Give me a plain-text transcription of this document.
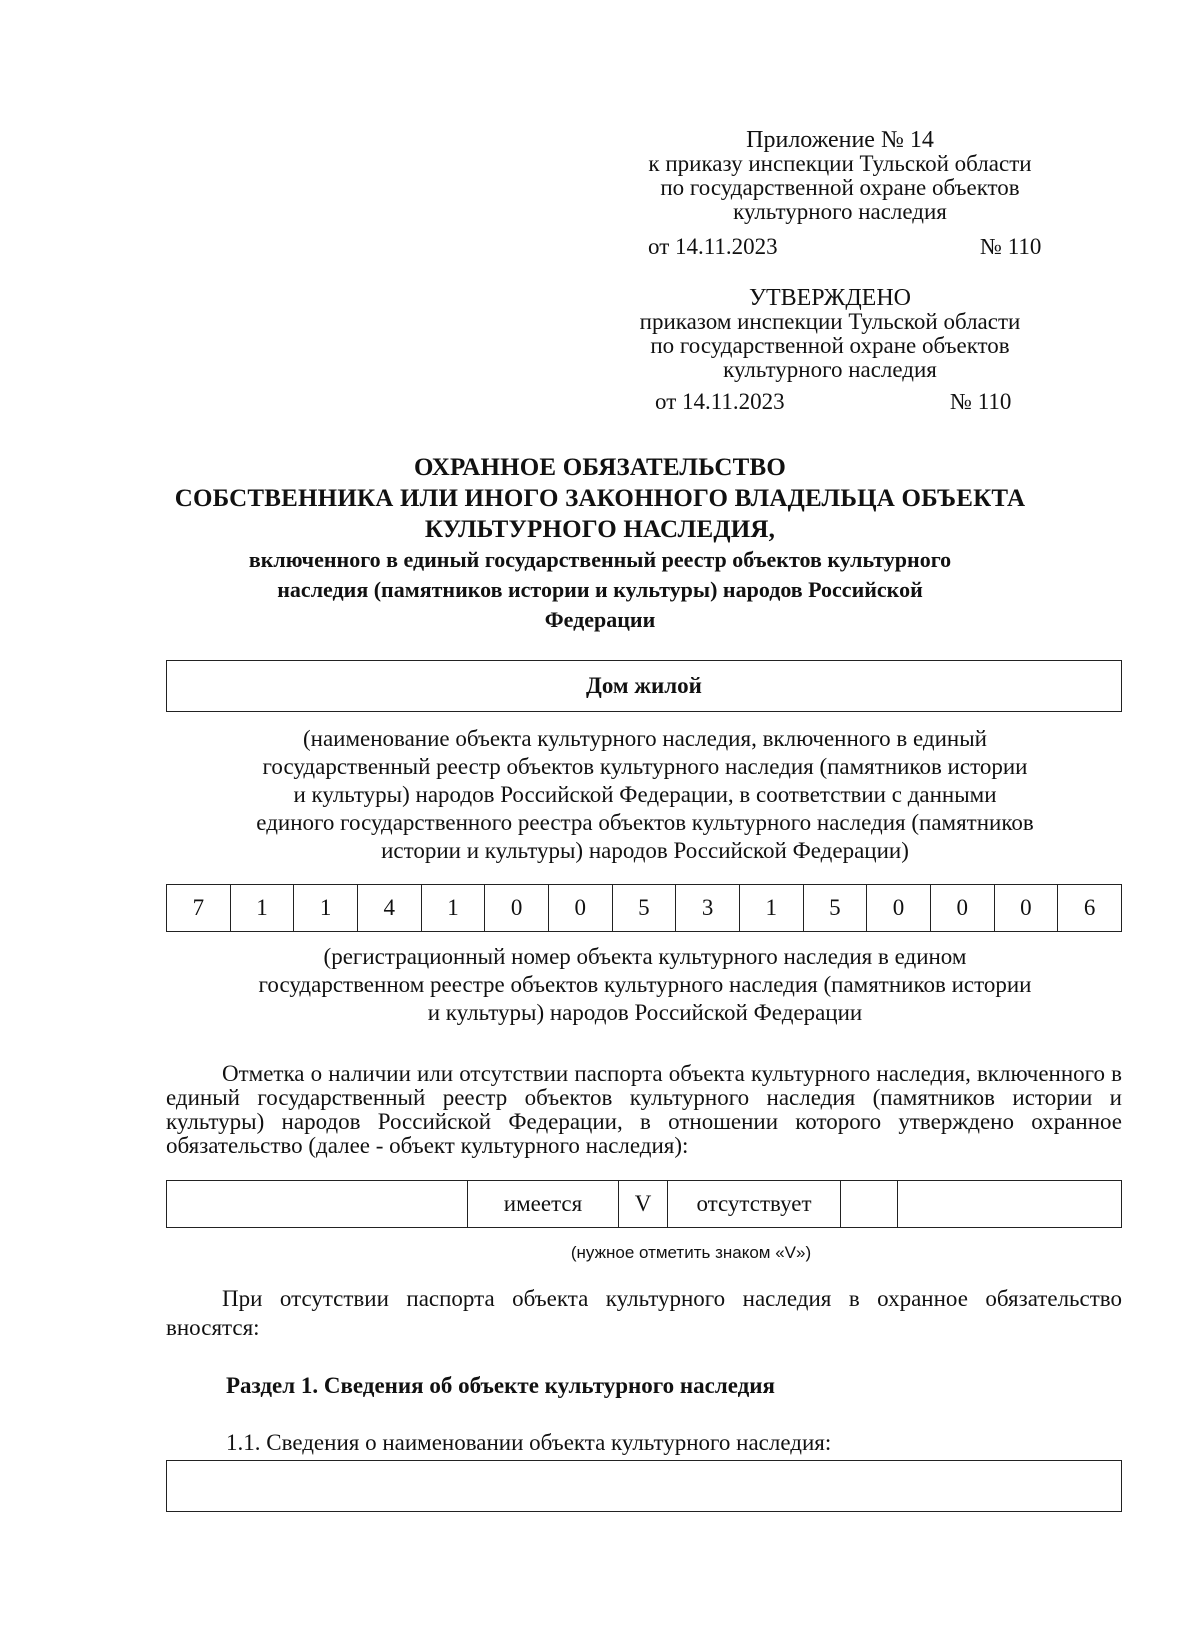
Приложение № 14
к приказу инспекции Тульской области
по государственной охране объектов
культурного наследия
от 14.11.2023	№ 110
УТВЕРЖДЕНО
приказом инспекции Тульской области
по государственной охране объектов
культурного наследия
от 14.11.2023	№ 110
ОХРАННОЕ ОБЯЗАТЕЛЬСТВО
СОБСТВЕННИКА ИЛИ ИНОГО ЗАКОННОГО ВЛАДЕЛЬЦА ОБЪЕКТА
КУЛЬТУРНОГО НАСЛЕДИЯ,
включенного в единый государственный реестр объектов культурного
наследия (памятников истории и культуры) народов Российской
Федерации
Дом жилой
(наименование объекта культурного наследия, включенного в единый
государственный реестр объектов культурного наследия (памятников истории
и культуры) народов Российской Федерации, в соответствии с данными
единого государственного реестра объектов культурного наследия (памятников
истории и культуры) народов Российской Федерации)
7	1	1	4	1	0	0	5	3	1	5	0	0	0	6
(регистрационный номер объекта культурного наследия в едином
государственном реестре объектов культурного наследия (памятников истории
и культуры) народов Российской Федерации
Отметка о наличии или отсутствии паспорта объекта культурного наследия, включенного в единый государственный реестр объектов культурного наследия (памятников истории и культуры) народов Российской Федерации, в отношении которого утверждено охранное обязательство (далее - объект культурного наследия):
	имеется	V	отсутствует		
(нужное отметить знаком «V»)
При отсутствии паспорта объекта культурного наследия в охранное обязательство вносятся:
Раздел 1. Сведения об объекте культурного наследия
1.1. Сведения о наименовании объекта культурного наследия:
